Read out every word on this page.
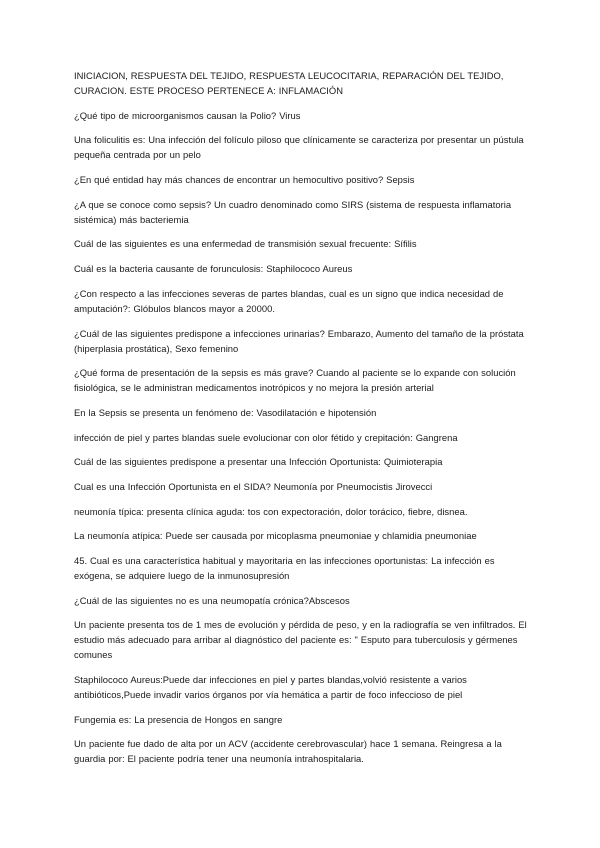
INICIACION, RESPUESTA DEL TEJIDO, RESPUESTA LEUCOCITARIA, REPARACIÓN DEL TEJIDO, CURACION. ESTE PROCESO PERTENECE A: INFLAMACIÓN

¿Qué tipo de microorganismos causan la Polio? Virus

Una foliculitis es: Una infección del folículo piloso que clínicamente se caracteriza por presentar un pústula pequeña centrada por un pelo

¿En qué entidad hay más chances de encontrar un hemocultivo positivo? Sepsis

¿A que se conoce como sepsis? Un cuadro denominado como SIRS (sistema de respuesta inflamatoria sistémica) más bacteriemia

Cuál de las siguientes es una enfermedad de transmisión sexual frecuente: Sífilis

Cuál es la bacteria causante de forunculosis: Staphilococo Aureus

¿Con respecto a las infecciones severas de partes blandas, cual es un signo que indica necesidad de amputación?: Glóbulos blancos mayor a 20000.

¿Cuál de las siguientes predispone a infecciones urinarias? Embarazo, Aumento del tamaño de la próstata (hiperplasia prostática), Sexo femenino

¿Qué forma de presentación de la sepsis es más grave? Cuando al paciente se lo expande con solución fisiológica, se le administran medicamentos inotrópicos y no mejora la presión arterial

En la Sepsis se presenta un fenómeno de: Vasodilatación e hipotensión

infección de piel y partes blandas suele evolucionar con olor fétido y crepitación: Gangrena

Cuál de las siguientes predispone a presentar una Infección Oportunista: Quimioterapia

Cual es una Infección Oportunista en el SIDA? Neumonía por Pneumocistis Jirovecci

neumonía típica: presenta clínica aguda: tos con expectoración, dolor torácico, fiebre, disnea.

La neumonía atípica: Puede ser causada por micoplasma pneumoniae y chlamidia pneumoniae

45. Cual es una característica habitual y mayoritaria en las infecciones oportunistas: La infección es exógena, se adquiere luego de la inmunosupresión

¿Cuál de las siguientes no es una neumopatía crónica?Abscesos

Un paciente presenta tos de 1 mes de evolución y pérdida de peso, y en la radiografía se ven infiltrados. El estudio más adecuado para arribar al diagnóstico del paciente es: " Esputo para tuberculosis y gérmenes comunes

Staphilococo Aureus:Puede dar infecciones en piel y partes blandas,volvió resistente a varios antibióticos,Puede invadir varios órganos por vía hemática a partir de foco infeccioso de piel

Fungemia es: La presencia de Hongos en sangre

Un paciente fue dado de alta por un ACV (accidente cerebrovascular) hace 1 semana. Reingresa a la guardia por: El paciente podría tener una neumonía intrahospitalaria.
